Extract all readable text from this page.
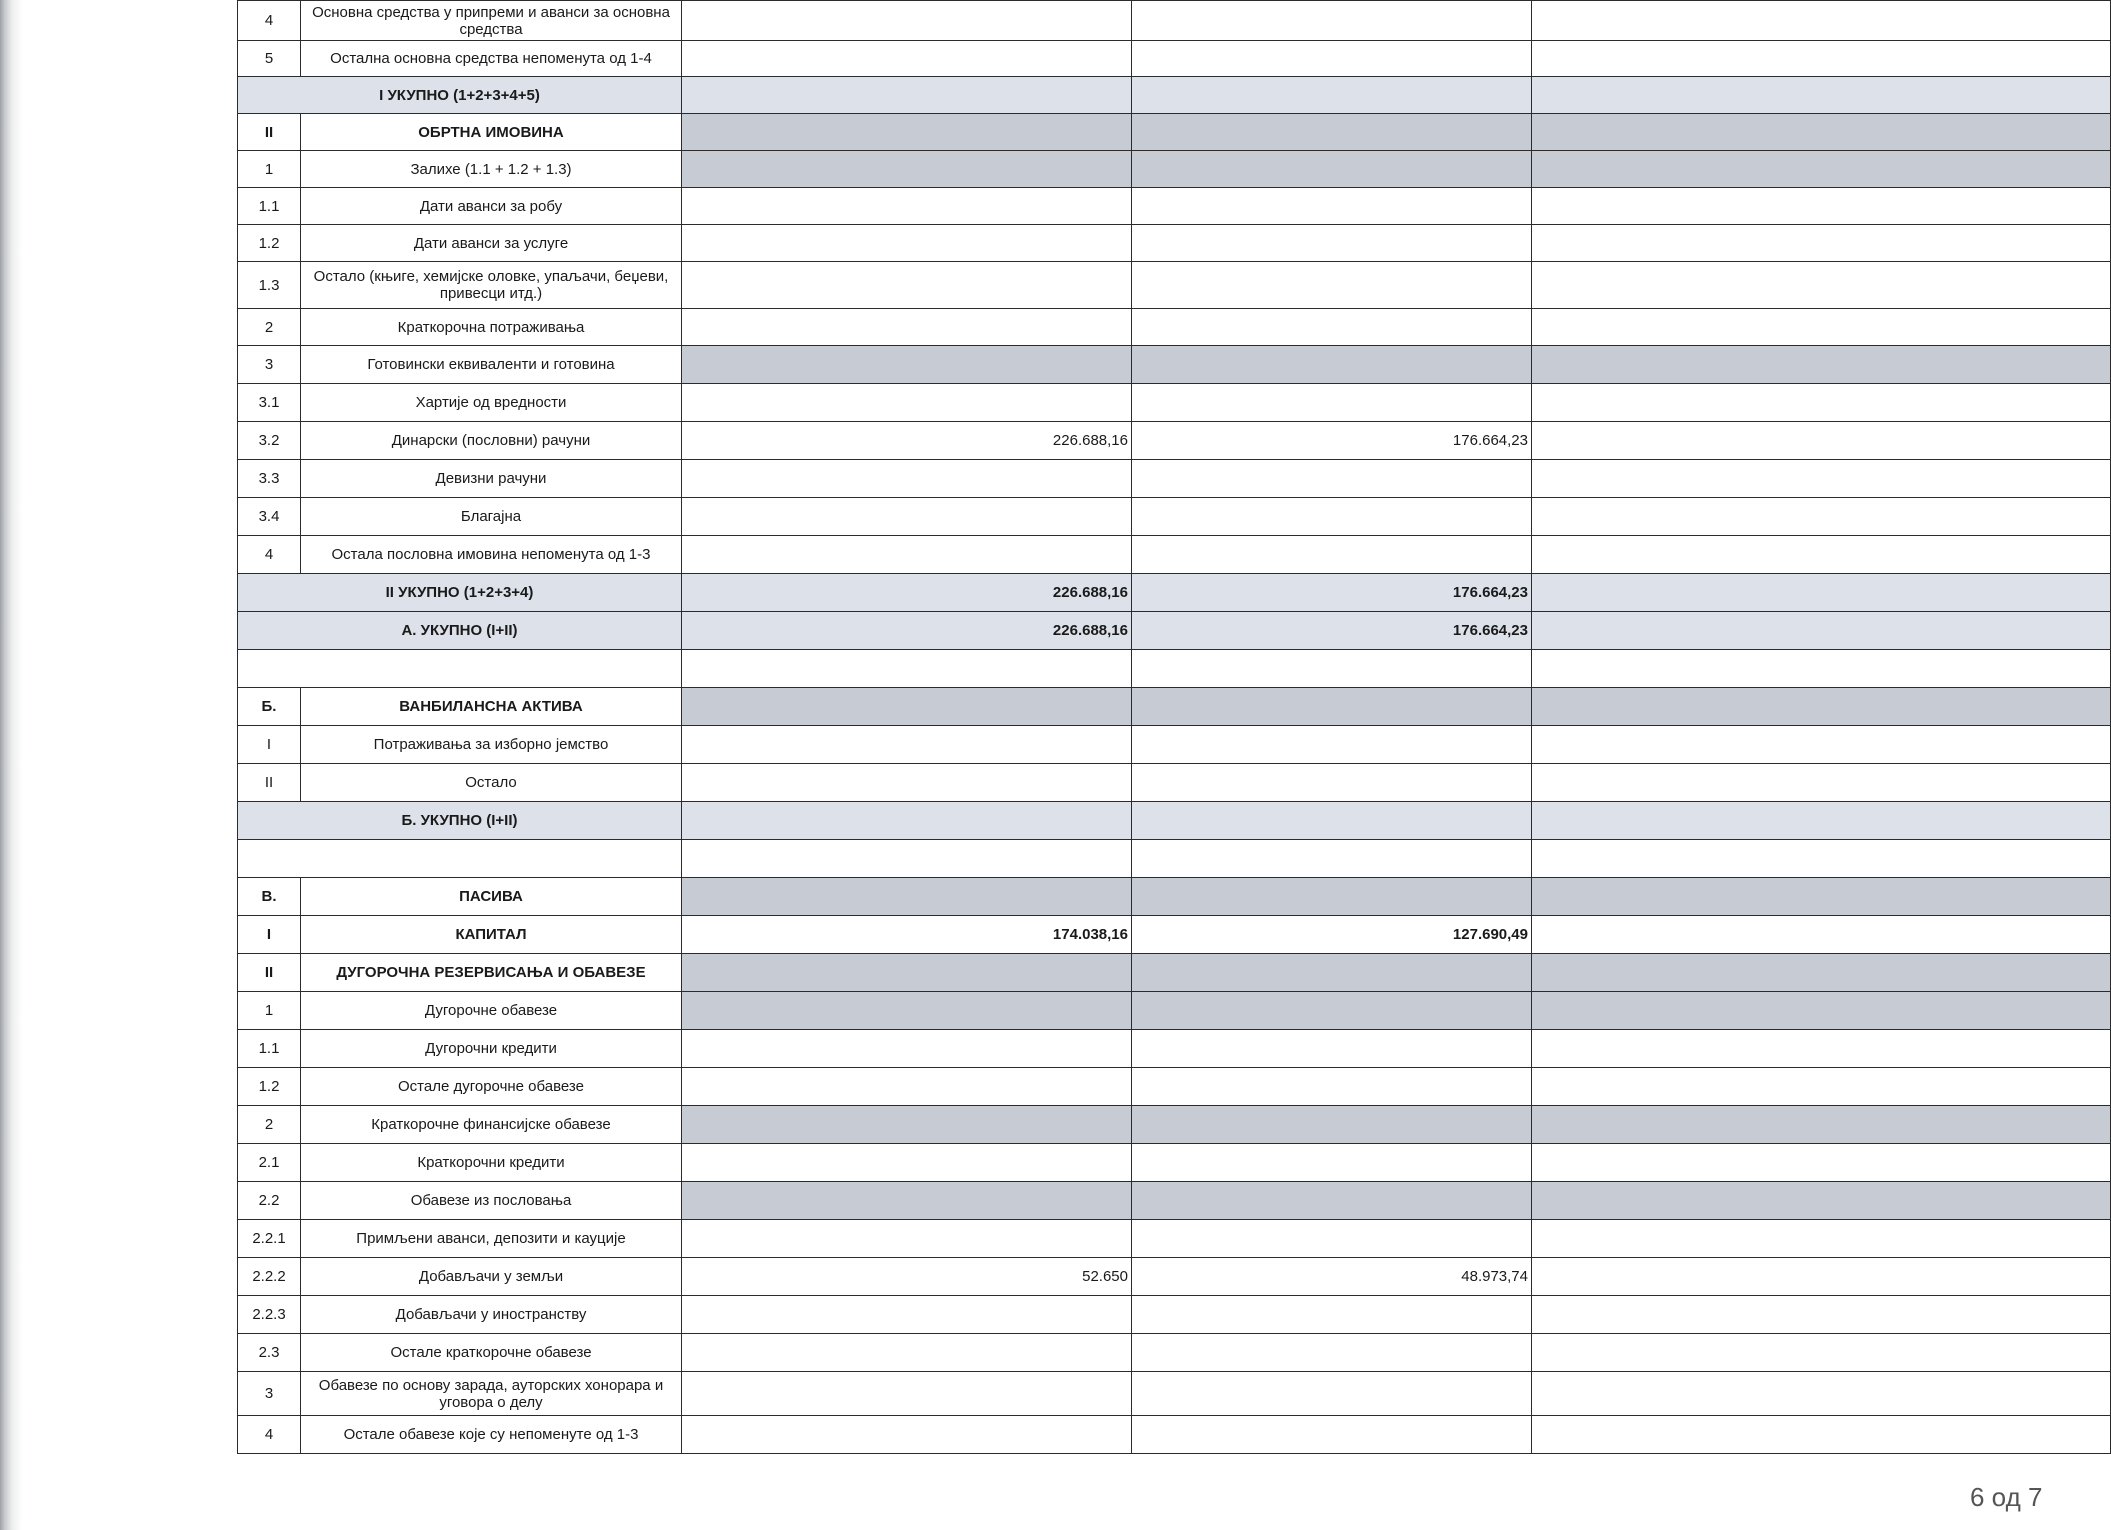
4	Основна средства у припреми и аванси за основна средства			
5	Остална основна средства непоменута од 1-4			
I УКУПНО (1+2+3+4+5)				
II	ОБРТНА ИМОВИНА			
1	Залихе (1.1 + 1.2 + 1.3)			
1.1	Дати аванси за робу			
1.2	Дати аванси за услуге			
1.3	Остало (књиге, хемијске оловке, упаљачи, беџеви, привесци итд.)			
2	Краткорочна потраживања			
3	Готовински еквиваленти и готовина			
3.1	Хартије од вредности			
3.2	Динарски (пословни) рачуни	226.688,16	176.664,23	
3.3	Девизни рачуни			
3.4	Благајна			
4	Остала пословна имовина непоменута од 1-3			
II УКУПНО (1+2+3+4)		226.688,16	176.664,23	
А. УКУПНО (I+II)		226.688,16	176.664,23	

Б.	ВАНБИЛАНСНА АКТИВА			
I	Потраживања за изборно јемство			
II	Остало			
Б. УКУПНО (I+II)				

В.	ПАСИВА			
I	КАПИТАЛ	174.038,16	127.690,49	
II	ДУГОРОЧНА РЕЗЕРВИСАЊА И ОБАВЕЗЕ			
1	Дугорочне обавезе			
1.1	Дугорочни кредити			
1.2	Остале дугорочне обавезе			
2	Краткорочне финансијске обавезе			
2.1	Краткорочни кредити			
2.2	Обавезе из пословања			
2.2.1	Примљени аванси, депозити и кауције			
2.2.2	Добављачи у земљи	52.650	48.973,74	
2.2.3	Добављачи у иностранству			
2.3	Остале краткорочне обавезе			
3	Обавезе по основу зарада, ауторских хонорара и уговора о делу			
4	Остале обавезе које су непоменуте од 1-3			
6 од 7
